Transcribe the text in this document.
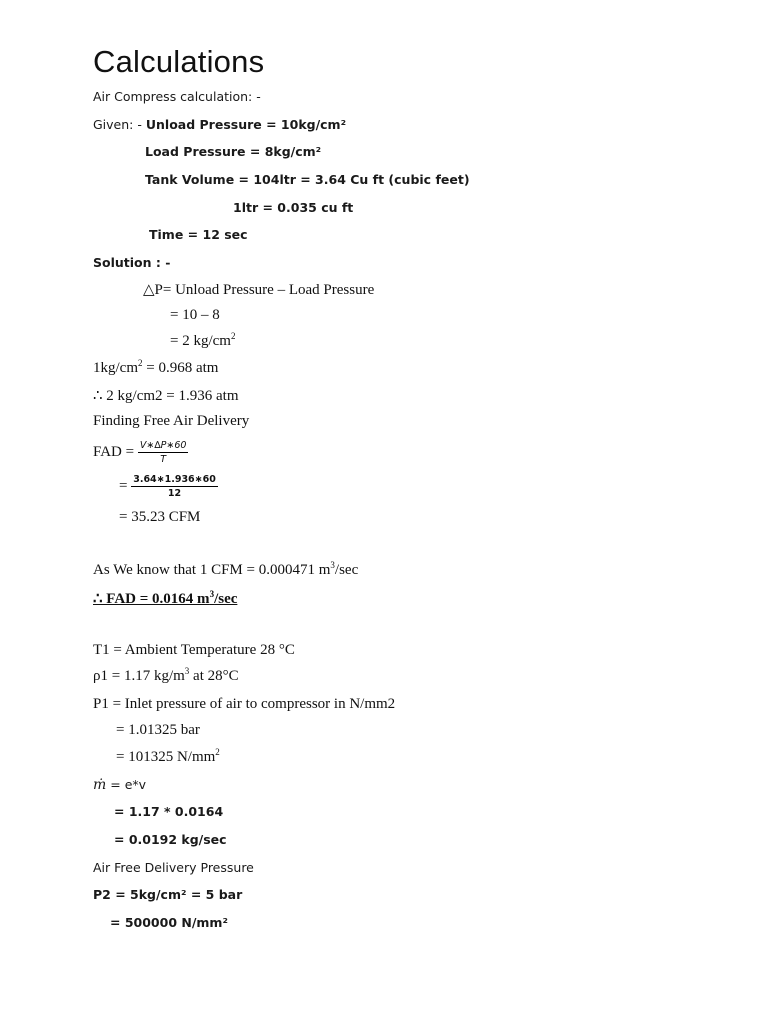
Calculations
Air Compress calculation: -
Given: - Unload Pressure = 10kg/cm²
Load Pressure = 8kg/cm²
Tank Volume = 104ltr = 3.64 Cu ft (cubic feet)
1ltr = 0.035 cu ft
Time = 12 sec
Solution : -
△P= Unload Pressure – Load Pressure
= 10 – 8
= 2 $kg/cm^2$
$1kg/cm^2 = 0.968$ atm
∴ 2 kg/cm2 = 1.936 atm
Finding Free Air Delivery
FAD = $\frac{V∗\Delta P∗60}{T}$
= $\frac{3.64∗1.936∗60}{12}$
= 35.23 CFM
As We know that 1 CFM = 0.000471 $m^3/\sec$
∴ FAD = 0.0164 $m^3/\sec$
T1 = Ambient Temperature 28 °C
ρ1 = 1.17 $kg/m^3$ at 28°C
P1 = Inlet pressure of air to compressor in N/mm2
= 1.01325 bar
= 101325 $N/mm^2$
ṁ = e*v
= 1.17 * 0.0164
= 0.0192 kg/sec
Air Free Delivery Pressure
P2 = 5kg/cm² = 5 bar
= 500000 N/mm²
